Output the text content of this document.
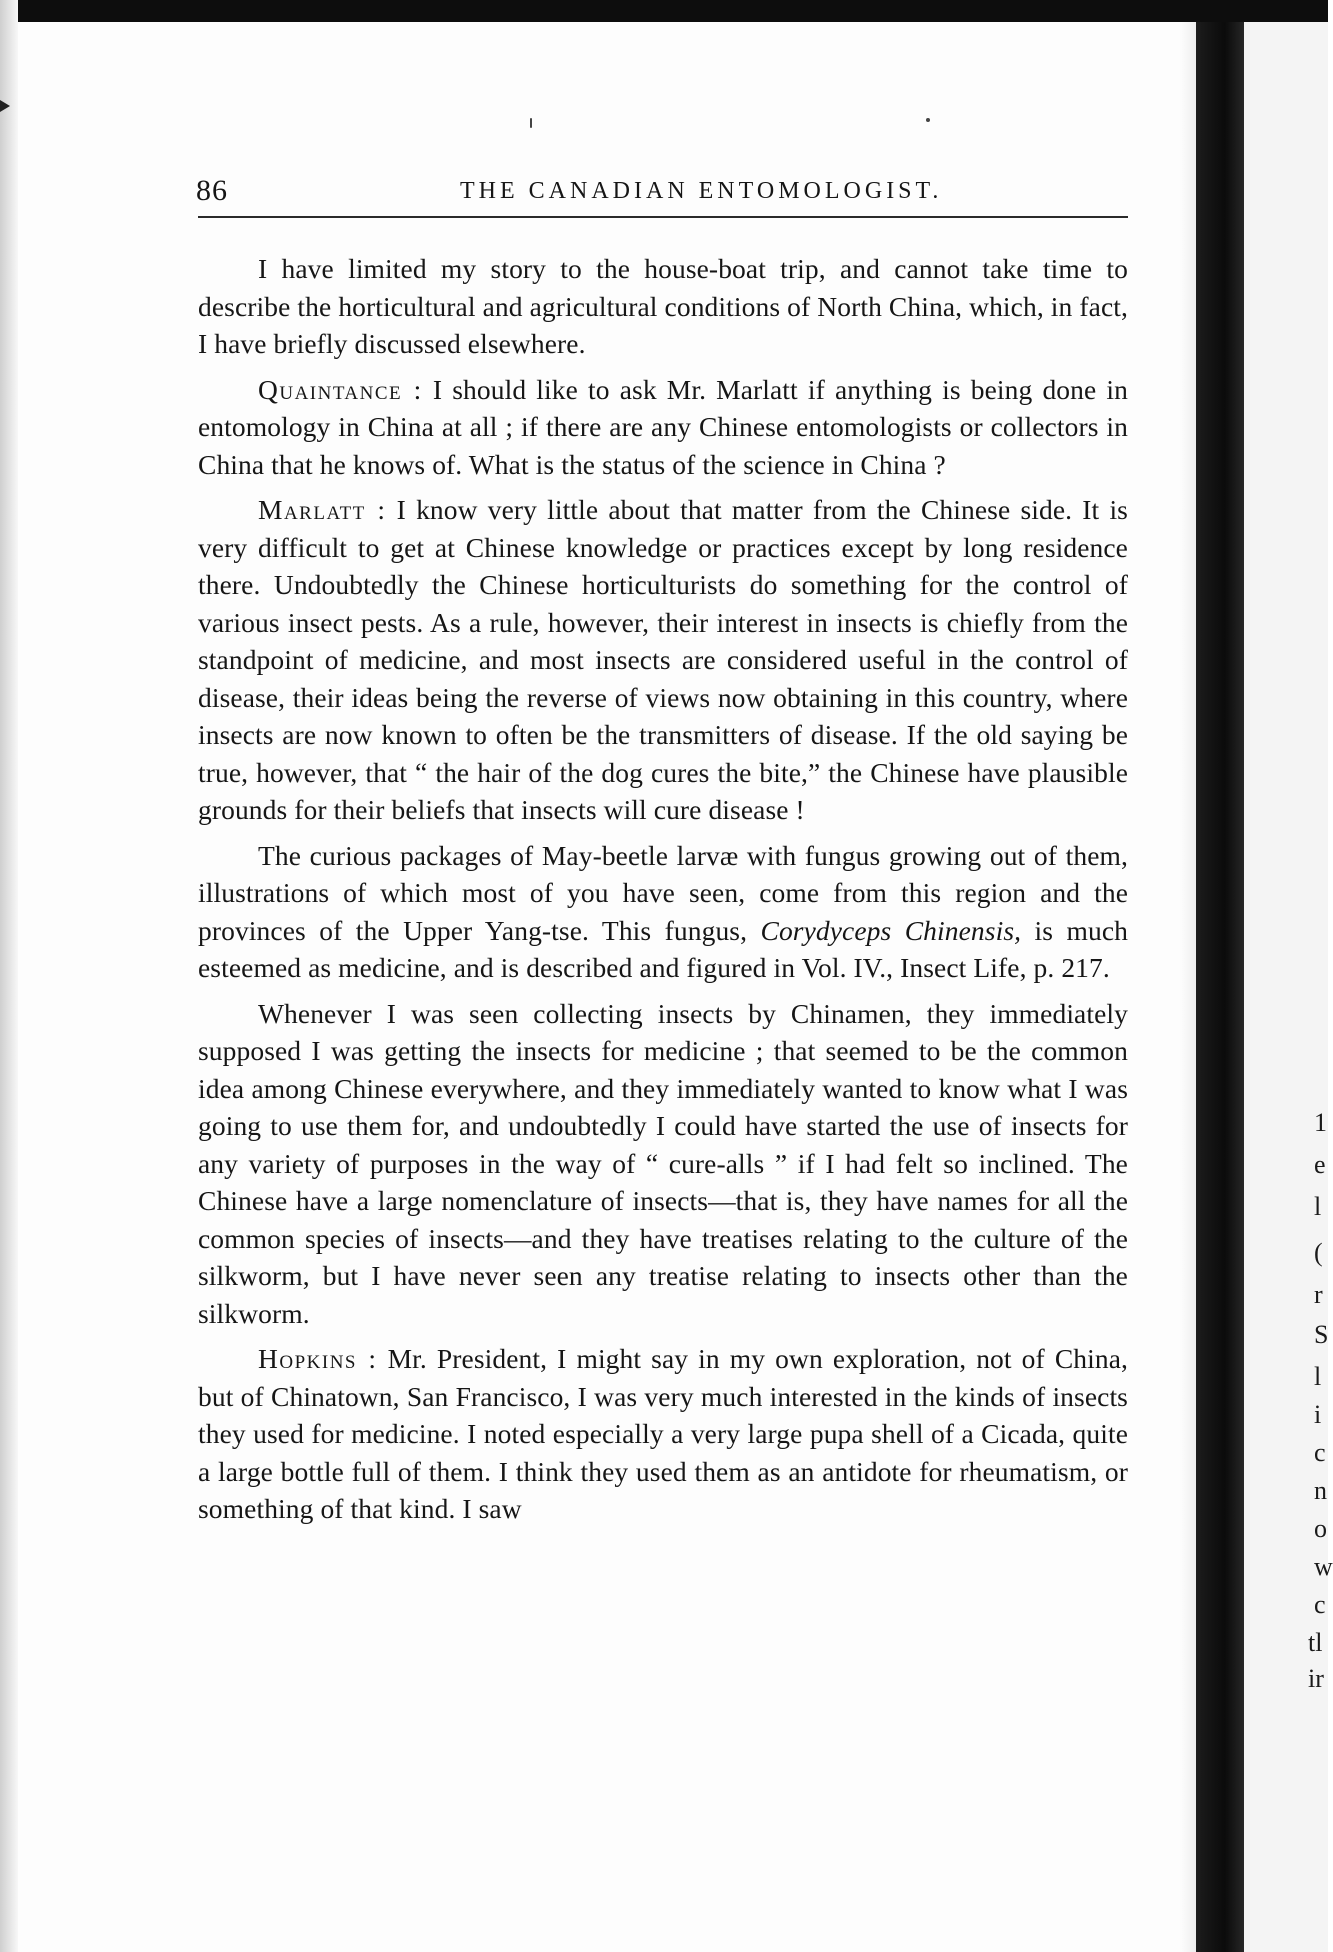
1
e
l
(
r
S
l
i
c
n
o
w
c
tl
ir
86	THE CANADIAN ENTOMOLOGIST.

I have limited my story to the house-boat trip, and cannot take time to describe the horticultural and agricultural conditions of North China, which, in fact, I have briefly discussed elsewhere.

Quaintance : I should like to ask Mr. Marlatt if anything is being done in entomology in China at all ; if there are any Chinese entomologists or collectors in China that he knows of. What is the status of the science in China ?

Marlatt : I know very little about that matter from the Chinese side. It is very difficult to get at Chinese knowledge or practices except by long residence there. Undoubtedly the Chinese horticulturists do something for the control of various insect pests. As a rule, however, their interest in insects is chiefly from the standpoint of medicine, and most insects are considered useful in the control of disease, their ideas being the reverse of views now obtaining in this country, where insects are now known to often be the transmitters of disease. If the old saying be true, however, that “ the hair of the dog cures the bite,” the Chinese have plausible grounds for their beliefs that insects will cure disease !

The curious packages of May-beetle larvæ with fungus growing out of them, illustrations of which most of you have seen, come from this region and the provinces of the Upper Yang-tse. This fungus, Corydyceps Chinensis, is much esteemed as medicine, and is described and figured in Vol. IV., Insect Life, p. 217.

Whenever I was seen collecting insects by Chinamen, they immediately supposed I was getting the insects for medicine ; that seemed to be the common idea among Chinese everywhere, and they immediately wanted to know what I was going to use them for, and undoubtedly I could have started the use of insects for any variety of purposes in the way of “ cure-alls ” if I had felt so inclined. The Chinese have a large nomenclature of insects—that is, they have names for all the common species of insects—and they have treatises relating to the culture of the silkworm, but I have never seen any treatise relating to insects other than the silkworm.

Hopkins : Mr. President, I might say in my own exploration, not of China, but of Chinatown, San Francisco, I was very much interested in the kinds of insects they used for medicine. I noted especially a very large pupa shell of a Cicada, quite a large bottle full of them. I think they used them as an antidote for rheumatism, or something of that kind. I saw
